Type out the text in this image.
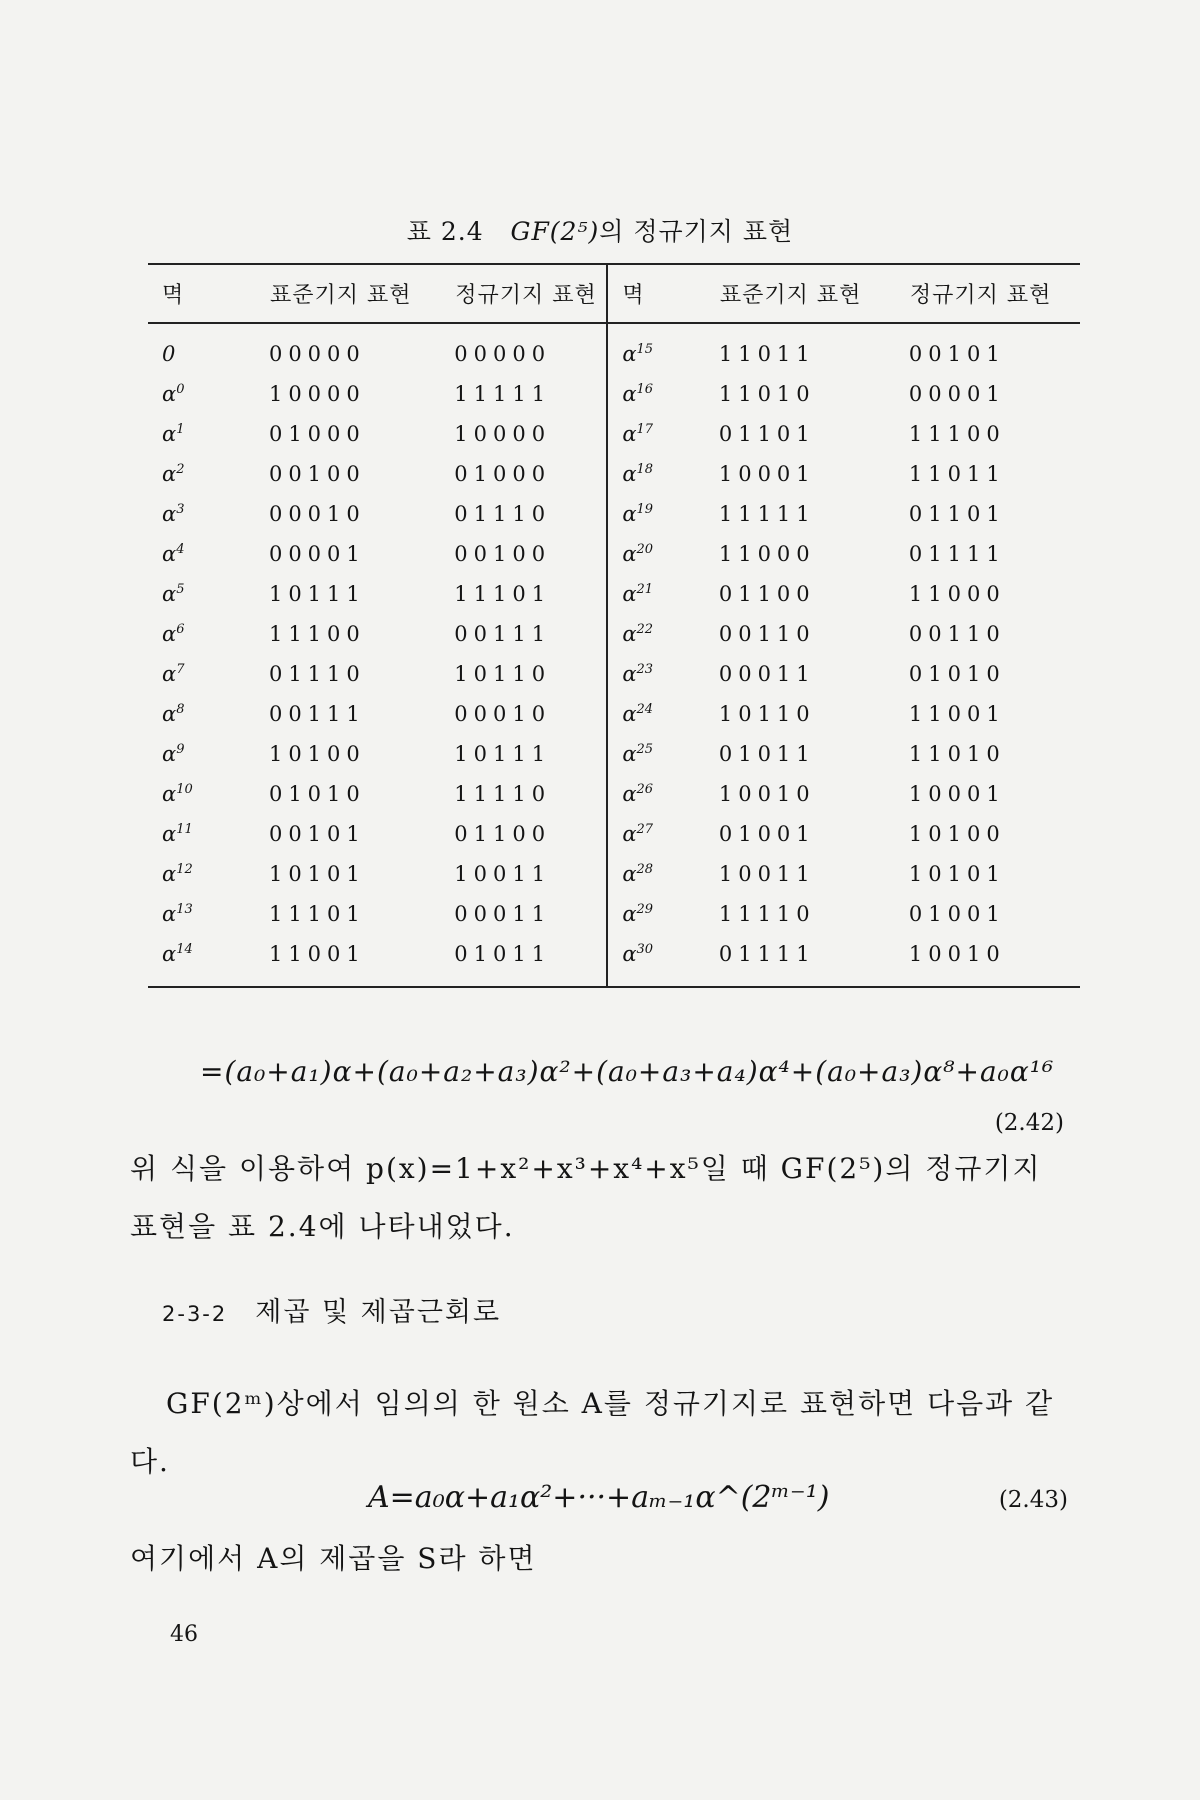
표 2.4 GF(2⁵)의 정규기지 표현
멱	표준기지 표현	정규기지 표현	멱	표준기지 표현	정규기지 표현
0	00000	00000	$\alpha^{15}$	11011	00101
$\alpha^0$	10000	11111	$\alpha^{16}$	11010	00001
$\alpha^1$	01000	10000	$\alpha^{17}$	01101	11100
$\alpha^2$	00100	01000	$\alpha^{18}$	10001	11011
$\alpha^3$	00010	01110	$\alpha^{19}$	11111	01101
$\alpha^4$	00001	00100	$\alpha^{20}$	11000	01111
$\alpha^5$	10111	11101	$\alpha^{21}$	01100	11000
$\alpha^6$	11100	00111	$\alpha^{22}$	00110	00110
$\alpha^7$	01110	10110	$\alpha^{23}$	00011	01010
$\alpha^8$	00111	00010	$\alpha^{24}$	10110	11001
$\alpha^9$	10100	10111	$\alpha^{25}$	01011	11010
$\alpha^{10}$	01010	11110	$\alpha^{26}$	10010	10001
$\alpha^{11}$	00101	01100	$\alpha^{27}$	01001	10100
$\alpha^{12}$	10101	10011	$\alpha^{28}$	10011	10101
$\alpha^{13}$	11101	00011	$\alpha^{29}$	11110	01001
$\alpha^{14}$	11001	01011	$\alpha^{30}$	01111	10010
=(a₀+a₁)α+(a₀+a₂+a₃)α²+(a₀+a₃+a₄)α⁴+(a₀+a₃)α⁸+a₀α¹⁶
(2.42)
위 식을 이용하여 p(x)=1+x²+x³+x⁴+x⁵일 때 GF(2⁵)의 정규기지 표현을 표 2.4에 나타내었다.
2-3-2 제곱 및 제곱근회로
GF(2ᵐ)상에서 임의의 한 원소 A를 정규기지로 표현하면 다음과 같다.
A=a₀α+a₁α²+···+aₘ₋₁α^(2ᵐ⁻¹)	(2.43)
여기에서 A의 제곱을 S라 하면
46
